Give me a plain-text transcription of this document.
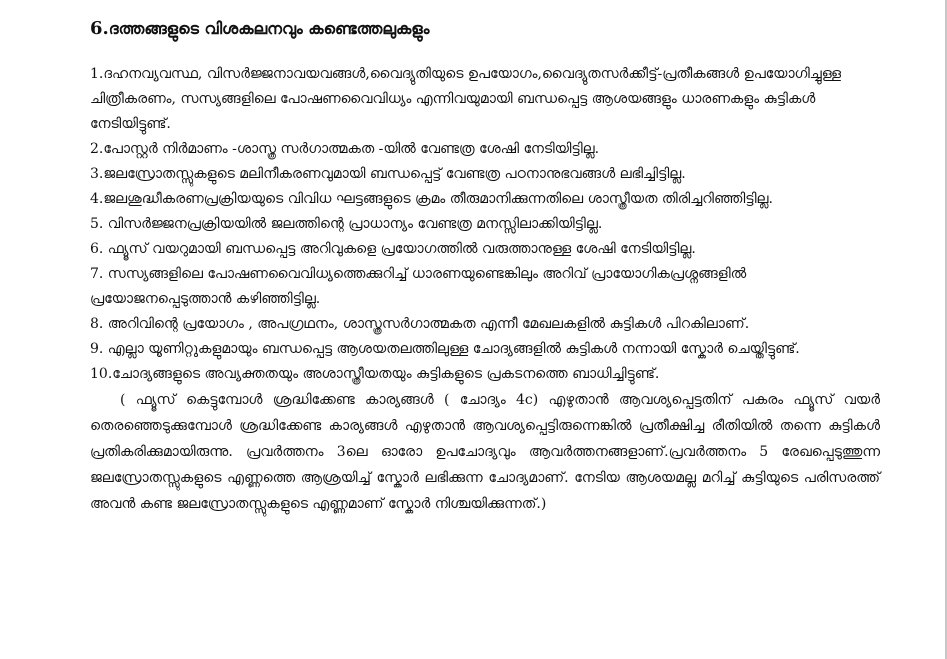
6.ദത്തങ്ങളുടെ വിശകലനവും കണ്ടെത്തലുകളും
1.ദഹനവ്യവസ്ഥ, വിസർജ്ജനാവയവങ്ങൾ,വൈദ്യുതിയുടെ ഉപയോഗം,വൈദ്യുതസർക്കീട്ട്-പ്രതീകങ്ങൾ ഉപയോഗിച്ചുള്ള ചിത്രീകരണം, സസ്യങ്ങളിലെ പോഷണവൈവിധ്യം എന്നിവയുമായി ബന്ധപ്പെട്ട ആശയങ്ങളും ധാരണകളും കുട്ടികൾ നേടിയിട്ടുണ്ട്.
2.പോസ്റ്റർ നിർമാണം -ശാസ്ത്ര സർഗാത്മകത -യിൽ വേണ്ടത്ര ശേഷി നേടിയിട്ടില്ല.
3.ജലസ്രോതസ്സുകളുടെ മലിനീകരണവുമായി ബന്ധപ്പെട്ട് വേണ്ടത്ര പഠനാനുഭവങ്ങൾ ലഭിച്ചിട്ടില്ല.
4.ജലശുദ്ധീകരണപ്രക്രിയയുടെ വിവിധ ഘട്ടങ്ങളുടെ ക്രമം തീരുമാനിക്കുന്നതിലെ ശാസ്ത്രീയത തിരിച്ചറിഞ്ഞിട്ടില്ല.
5. വിസർജ്ജനപ്രക്രിയയിൽ ജലത്തിന്റെ പ്രാധാന്യം വേണ്ടത്ര മനസ്സിലാക്കിയിട്ടില്ല.
6. ഫ്യൂസ് വയറുമായി ബന്ധപ്പെട്ട അറിവുകളെ പ്രയോഗത്തിൽ വരുത്താനുള്ള ശേഷി നേടിയിട്ടില്ല.
7. സസ്യങ്ങളിലെ പോഷണവൈവിധ്യത്തെക്കുറിച്ച് ധാരണയുണ്ടെങ്കിലും അറിവ് പ്രായോഗികപ്രശ്നങ്ങളിൽ പ്രയോജനപ്പെടുത്താൻ കഴിഞ്ഞിട്ടില്ല.
8. അറിവിന്റെ പ്രയോഗം , അപഗ്രഥനം, ശാസ്ത്രസർഗാത്മകത എന്നീ മേഖലകളിൽ കുട്ടികൾ പിറകിലാണ്.
9. എല്ലാ യൂണിറ്റുകളുമായും ബന്ധപ്പെട്ട ആശയതലത്തിലുള്ള ചോദ്യങ്ങളിൽ കുട്ടികൾ നന്നായി സ്കോർ ചെയ്തിട്ടുണ്ട്.
10.ചോദ്യങ്ങളുടെ അവ്യക്തതയും അശാസ്ത്രീയതയും കുട്ടികളുടെ പ്രകടനത്തെ ബാധിച്ചിട്ടുണ്ട്.

( ഫ്യൂസ് കെട്ടുമ്പോൾ ശ്രദ്ധിക്കേണ്ട കാര്യങ്ങൾ ( ചോദ്യം 4c) എഴുതാൻ ആവശ്യപ്പെട്ടതിന് പകരം ഫ്യൂസ് വയർ തെരഞ്ഞെടുക്കുമ്പോൾ ശ്രദ്ധിക്കേണ്ട കാര്യങ്ങൾ എഴുതാൻ ആവശ്യപ്പെട്ടിരുന്നെങ്കിൽ പ്രതീക്ഷിച്ച രീതിയിൽ തന്നെ കുട്ടികൾ പ്രതികരിക്കുമായിരുന്നു. പ്രവർത്തനം 3ലെ ഓരോ ഉപചോദ്യവും ആവർത്തനങ്ങളാണ്.പ്രവർത്തനം 5 രേഖപ്പെടുത്തുന്ന ജലസ്രോതസ്സുകളുടെ എണ്ണത്തെ ആശ്രയിച്ച് സ്കോർ ലഭിക്കുന്ന ചോദ്യമാണ്. നേടിയ ആശയമല്ല മറിച്ച് കുട്ടിയുടെ പരിസരത്ത് അവൻ കണ്ട ജലസ്രോതസ്സുകളുടെ എണ്ണമാണ് സ്കോർ നിശ്ചയിക്കുന്നത്.)
